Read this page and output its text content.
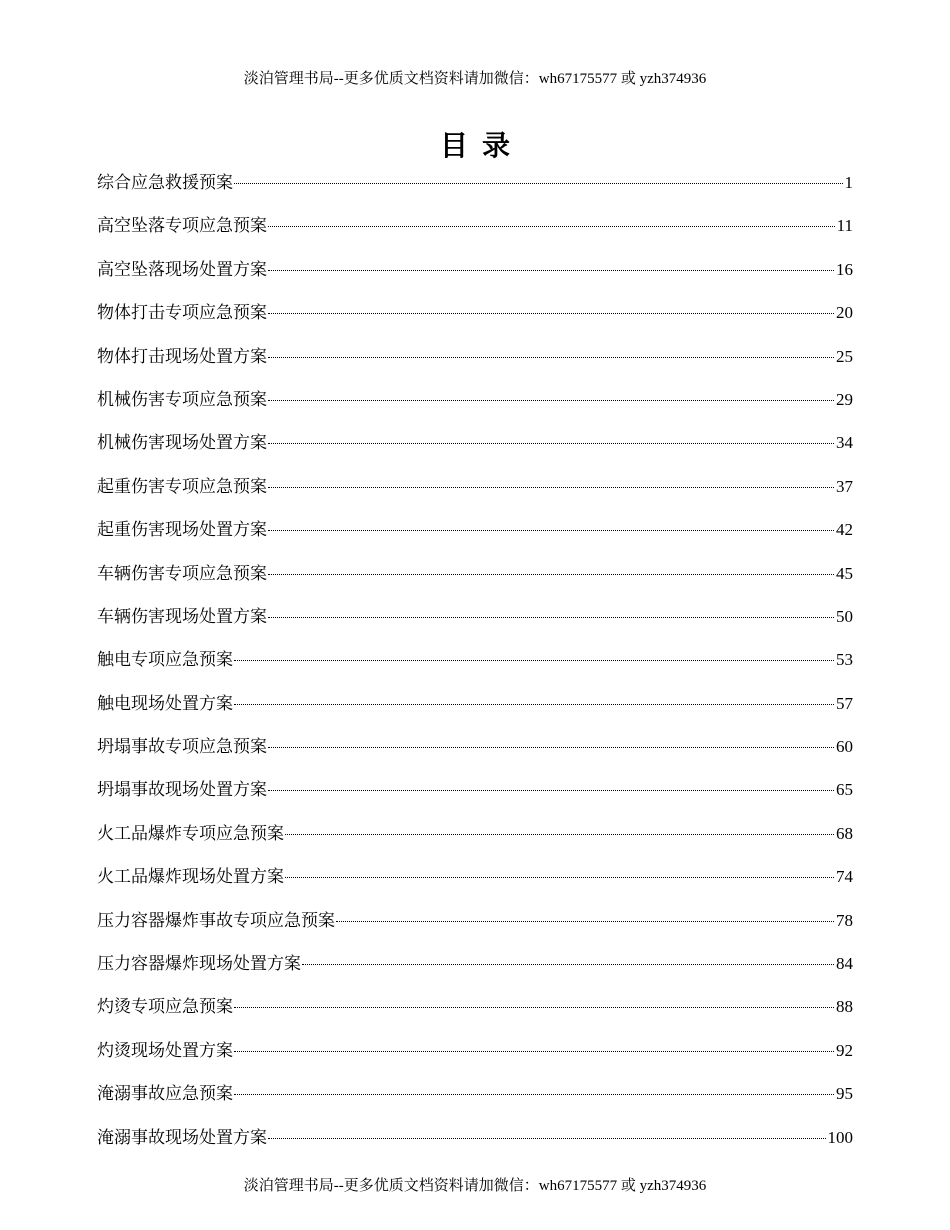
淡泊管理书局--更多优质文档资料请加微信：wh67175577 或 yzh374936
目录
综合应急救援预案	1
高空坠落专项应急预案	11
高空坠落现场处置方案	16
物体打击专项应急预案	20
物体打击现场处置方案	25
机械伤害专项应急预案	29
机械伤害现场处置方案	34
起重伤害专项应急预案	37
起重伤害现场处置方案	42
车辆伤害专项应急预案	45
车辆伤害现场处置方案	50
触电专项应急预案	53
触电现场处置方案	57
坍塌事故专项应急预案	60
坍塌事故现场处置方案	65
火工品爆炸专项应急预案	68
火工品爆炸现场处置方案	74
压力容器爆炸事故专项应急预案	78
压力容器爆炸现场处置方案	84
灼烫专项应急预案	88
灼烫现场处置方案	92
淹溺事故应急预案	95
淹溺事故现场处置方案	100
淡泊管理书局--更多优质文档资料请加微信：wh67175577 或 yzh374936
